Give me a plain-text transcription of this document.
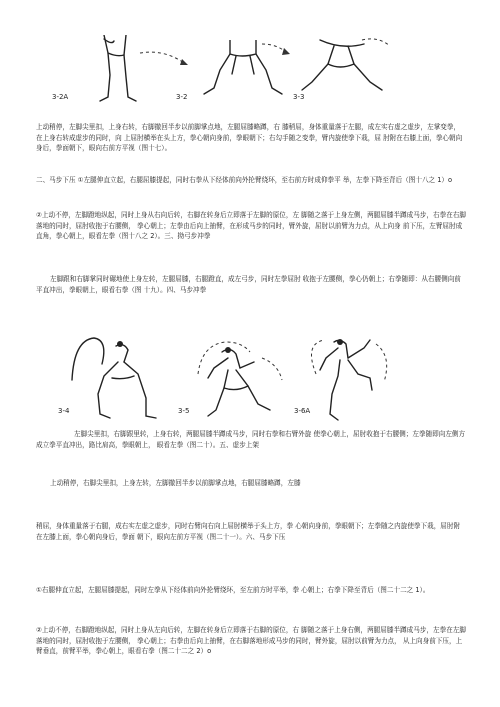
3-2A	3-2	3-3

上动稍停，左脚尖里扣，上身右转，右脚撤回半步以前脚掌点地，左腿屈膝略蹲，右 膝稍屈，身体重量落于左腿，成左实右虚之虚步，左掌变拳，在上身右转成虚步的同时，向 上屈肘横举在头上方，拳心朝向身前，拳眼朝下；右勾手随之变拳，臂内旋使拳下栽，屈 肘附在右膝上面，拳心朝向身后，拳面朝下，眼向右前方平视（图十七）。

二、马步下压 ①左腿伸直立起，右腿屈膝提起，同时右拳从下经体前向外抡臂绕环，至右前方时成仰拳平 举，左拳下降至背后（图十八之 1）o

②上动不停，左脚蹬地纵起，同时上身从右向后转，右脚在转身后立即落于左脚的原位，左 脚随之落于上身左侧，两腿屈膝半蹲成马步，右拳在右脚落地的同时，屈肘收抱于右腰侧， 拳心朝上；左拳由后向上抽臂，在形成马步的同时，臂外旋，屈肘以前臂为力点，从上向身 前下压，左臂屈肘成直角，拳心朝上，眼看左拳（图十八之 2）。三、拗弓步冲拳

左脚跟和右脚掌同时碾地使上身左转，左腿屈膝，右腿蹬直，成左弓步，同时左拳屈肘 收抱于左腰侧，拳心仍朝上；右拳随即：从右腰侧向前平直冲出，拳眼朝上，眼看右拳（图 十九）。四、马步冲拳

3-4	3-5	3-6A

左脚尖里扣，右脚跟里转，上身右转，两腿屈膝半蹲成马步，同时右拳和右臂外旋 使拳心朝上，屈肘收抱于右腰侧；左拳随即向左侧方成立拳平直冲出，路比肩高，拳眼朝上， 眼看左拳（图二十）。五、虚步上架

上动稍停，右脚尖里扣，上身左转，左脚撤回半步以前脚掌点地，右腿屈膝略蹲，左膝

稍屈，身体重量落于右腿，成右实左虚之虚步，同时右臂向右向上屈肘横举于头上方，拳 心朝向身前，拳眼朝下；左拳随之内旋使拳下栽，屈肘附在左膝上面，拳心朝向身后，拳面 朝下，眼向左前方平视（图二十一）。六、马步下压

①右腿伸直立起，左腿屈膝提起，同时左拳从下经体前向外抡臂绕环，至左前方时平举，拳 心朝上；右拳下降至背后（图二十二之 1）。

②上动不停，右脚蹬地纵起，同时上身从左向后转，左脚在转身后立即落于右脚的原位，右 脚随之落于上身右侧，两腿屈膝半蹲成马步，左拳在左脚落地的同时，屈肘收抱于左腰侧， 拳心朝上；右拳由后向上抽臂，在右脚落地形成马步的同时，臂外旋，屈肘以前臂为力点， 从上向身前下压，上臂垂直，前臂平举，拳心朝上，眼看右拳（图二十二之 2）o
